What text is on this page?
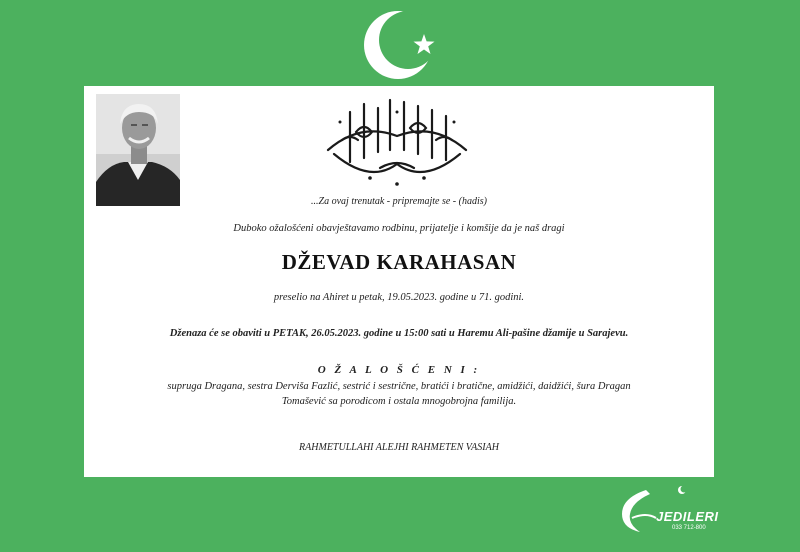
...Za ovaj trenutak - pripremajte se - (hadis)
Duboko ožalošćeni obavještavamo rodbinu, prijatelje i komšije da je naš dragi
DŽEVAD KARAHASAN
preselio na Ahiret u petak, 19.05.2023. godine u 71. godini.
Dženaza će se obaviti u PETAK, 26.05.2023. godine u 15:00 sati u Haremu Ali-pašine džamije u Sarajevu.
O Ž A L O Š Ć E N I :
supruga Dragana, sestra Derviša Fazlić, sestrić i sestrične, bratići i bratične, amidžići, daidžići, šura Dragan Tomašević sa porodicom i ostala mnogobrojna familija.
RAHMETULLAHI ALEJHI RAHMETEN VASIAH
JEDILERI
033 712-800
